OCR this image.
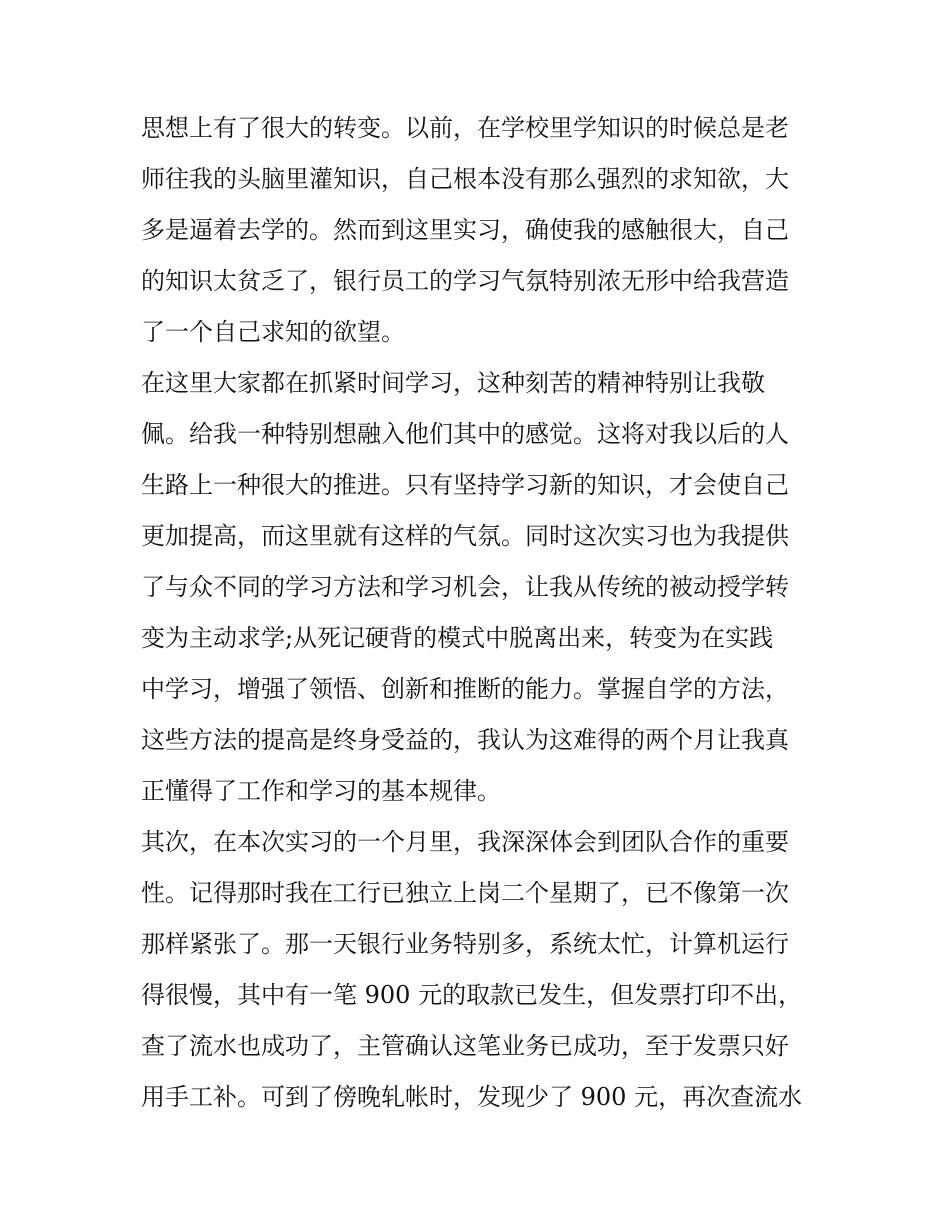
思想上有了很大的转变。以前，在学校里学知识的时候总是老
师往我的头脑里灌知识，自己根本没有那么强烈的求知欲，大
多是逼着去学的。然而到这里实习，确使我的感触很大，自己
的知识太贫乏了，银行员工的学习气氛特别浓无形中给我营造
了一个自己求知的欲望。
在这里大家都在抓紧时间学习，这种刻苦的精神特别让我敬
佩。给我一种特别想融入他们其中的感觉。这将对我以后的人
生路上一种很大的推进。只有坚持学习新的知识，才会使自己
更加提高，而这里就有这样的气氛。同时这次实习也为我提供
了与众不同的学习方法和学习机会，让我从传统的被动授学转
变为主动求学;从死记硬背的模式中脱离出来，转变为在实践
中学习，增强了领悟、创新和推断的能力。掌握自学的方法，
这些方法的提高是终身受益的，我认为这难得的两个月让我真
正懂得了工作和学习的基本规律。
其次，在本次实习的一个月里，我深深体会到团队合作的重要
性。记得那时我在工行已独立上岗二个星期了，已不像第一次
那样紧张了。那一天银行业务特别多，系统太忙，计算机运行
得很慢，其中有一笔 900 元的取款已发生，但发票打印不出，
查了流水也成功了，主管确认这笔业务已成功，至于发票只好
用手工补。可到了傍晚轧帐时，发现少了 900 元，再次查流水
